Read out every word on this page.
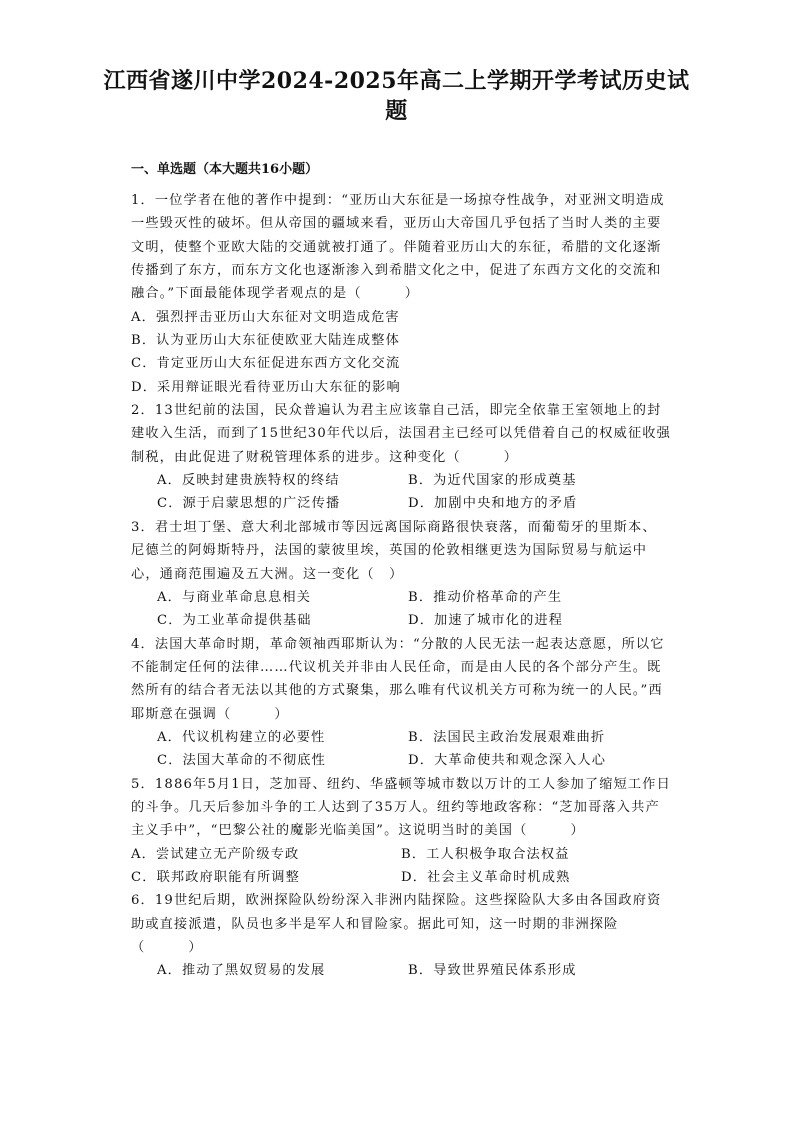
江西省遂川中学2024-2025年高二上学期开学考试历史试题
一、单选题（本大题共16小题）

1．一位学者在他的著作中提到：“亚历山大东征是一场掠夺性战争，对亚洲文明造成一些毁灭性的破坏。但从帝国的疆域来看，亚历山大帝国几乎包括了当时人类的主要文明，使整个亚欧大陆的交通就被打通了。伴随着亚历山大的东征，希腊的文化逐渐传播到了东方，而东方文化也逐渐渗入到希腊文化之中，促进了东西方文化的交流和融合。”下面最能体现学者观点的是（　　　）

A．强烈抨击亚历山大东征对文明造成危害

B．认为亚历山大东征使欧亚大陆连成整体

C．肯定亚历山大东征促进东西方文化交流

D．采用辩证眼光看待亚历山大东征的影响

2．13世纪前的法国，民众普遍认为君主应该靠自己活，即完全依靠王室领地上的封建收入生活，而到了15世纪30年代以后，法国君主已经可以凭借着自己的权威征收强制税，由此促进了财税管理体系的进步。这种变化（　　　）

A．反映封建贵族特权的终结	B．为近代国家的形成奠基
C．源于启蒙思想的广泛传播	D．加剧中央和地方的矛盾

3．君士坦丁堡、意大利北部城市等因远离国际商路很快衰落，而葡萄牙的里斯本、尼德兰的阿姆斯特丹，法国的蒙彼里埃，英国的伦敦相继更迭为国际贸易与航运中心，通商范围遍及五大洲。这一变化（　）

A．与商业革命息息相关	B．推动价格革命的产生
C．为工业革命提供基础	D．加速了城市化的进程

4．法国大革命时期，革命领袖西耶斯认为：“分散的人民无法一起表达意愿，所以它不能制定任何的法律……代议机关并非由人民任命，而是由人民的各个部分产生。既然所有的结合者无法以其他的方式聚集，那么唯有代议机关方可称为统一的人民。”西耶斯意在强调（　　　）

A．代议机构建立的必要性	B．法国民主政治发展艰难曲折
C．法国大革命的不彻底性	D．大革命使共和观念深入人心

5．1886年5月1日，芝加哥、纽约、华盛顿等城市数以万计的工人参加了缩短工作日的斗争。几天后参加斗争的工人达到了35万人。纽约等地政客称：“芝加哥落入共产主义手中”，“巴黎公社的魔影光临美国”。这说明当时的美国（　　　）

A．尝试建立无产阶级专政	B．工人积极争取合法权益
C．联邦政府职能有所调整	D．社会主义革命时机成熟

6．19世纪后期，欧洲探险队纷纷深入非洲内陆探险。这些探险队大多由各国政府资助或直接派遣，队员也多半是军人和冒险家。据此可知，这一时期的非洲探险（　　　）

A．推动了黑奴贸易的发展	B．导致世界殖民体系形成
